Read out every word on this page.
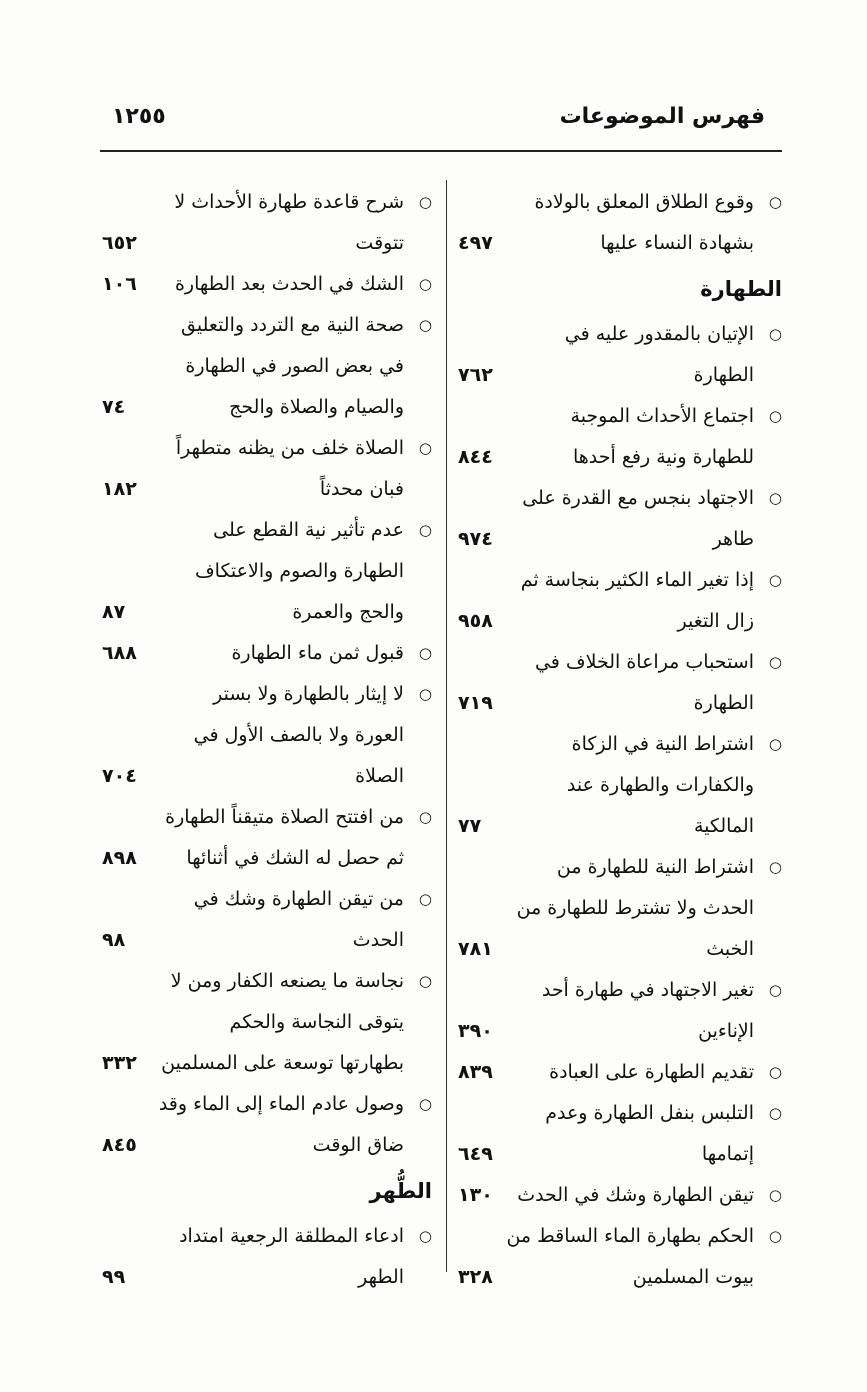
فهرس الموضوعات
١٢٥٥
○
وقوع الطلاق المعلق بالولادة
بشهادة النساء عليها
٤٩٧
الطهارة
○
الإتيان بالمقدور عليه في
الطهارة
٧٦٢
○
اجتماع الأحداث الموجبة
للطهارة ونية رفع أحدها
٨٤٤
○
الاجتهاد بنجس مع القدرة على
طاهر
٩٧٤
○
إذا تغير الماء الكثير بنجاسة ثم
زال التغير
٩٥٨
○
استحباب مراعاة الخلاف في
الطهارة
٧١٩
○
اشتراط النية في الزكاة
والكفارات والطهارة عند
المالكية
٧٧
○
اشتراط النية للطهارة من
الحدث ولا تشترط للطهارة من
الخبث
٧٨١
○
تغير الاجتهاد في طهارة أحد
الإناءين
٣٩٠
○
تقديم الطهارة على العبادة
٨٣٩
○
التلبس بنفل الطهارة وعدم
إتمامها
٦٤٩
○
تيقن الطهارة وشك في الحدث
١٣٠
○
الحكم بطهارة الماء الساقط من
بيوت المسلمين
٣٢٨
○
شرح قاعدة طهارة الأحداث لا
تتوقت
٦٥٢
○
الشك في الحدث بعد الطهارة
١٠٦
○
صحة النية مع التردد والتعليق
في بعض الصور في الطهارة
والصيام والصلاة والحج
٧٤
○
الصلاة خلف من يظنه متطهراً
فبان محدثاً
١٨٢
○
عدم تأثير نية القطع على
الطهارة والصوم والاعتكاف
والحج والعمرة
٨٧
○
قبول ثمن ماء الطهارة
٦٨٨
○
لا إيثار بالطهارة ولا بستر
العورة ولا بالصف الأول في
الصلاة
٧٠٤
○
من افتتح الصلاة متيقناً الطهارة
ثم حصل له الشك في أثنائها
٨٩٨
○
من تيقن الطهارة وشك في
الحدث
٩٨
○
نجاسة ما يصنعه الكفار ومن لا
يتوقى النجاسة والحكم
بطهارتها توسعة على المسلمين
٣٣٢
○
وصول عادم الماء إلى الماء وقد
ضاق الوقت
٨٤٥
الطُّهر
○
ادعاء المطلقة الرجعية امتداد
الطهر
٩٩
